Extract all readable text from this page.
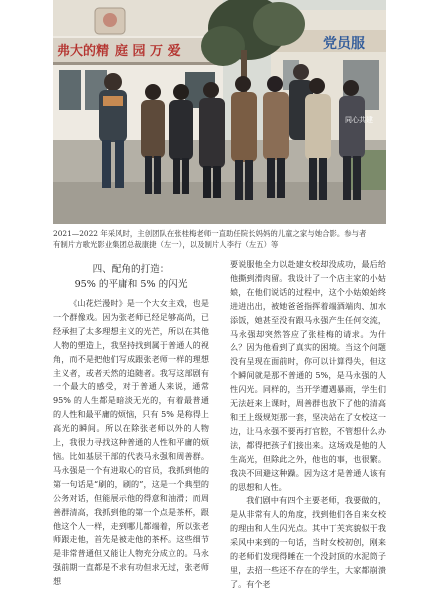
弗大的精 庭 园 万 爱	党员服
同心共建
2021—2022 年采风时，主创团队在张桂梅老师一直助任院长妈妈的儿童之家与她合影。参与者
有制片方歌光影业集团总裁康捷（左一），以及制片人李行（左五）等
四、配角的打造：
95% 的平庸和 5% 的闪光

《山花烂漫时》是一个大女主戏，也是一个群像戏。因为张老师已经足够高尚，已经承担了太多理想主义的光芒，所以在其他人物的塑造上，我坚持找到属于普通人的视角，而不是把他们写成跟张老师一样的理想主义者，或者天然的追随者。我写这部剧有一个最大的感受，对于普通人来说，通常 95% 的人生都是暗淡无光的，有着最普通的人性和最平庸的烦恼，只有 5% 是称得上高光的瞬间。所以在除张老师以外的人物上，我很力寻找这种普通的人性和平庸的烦恼。比如基层干部的代表马永强和周善群。马永强是一个有进取心的官员，我抓到他的第一句话是“刷的，刷的”，这是一个典型的公务对话，但能展示他的得意和油滑；而周善群清高，我抓到他的第一个点是茶杯，跟他这个人一样，走到哪儿都端着，所以张老师跟走他，首先是被走他的茶杯。这些细节是非常普通但又能让人物充分成立的。马永强前期一直都是不求有功但求无过，张老师想

要说服他全力以赴建女校却没成功，最后给他撕到滑肉留。我设计了一个店主家的小姑娘，在他们说话的过程中，这个小姑娘始终进进出出，被她爸爸指挥着端酒端肉、加水添饭，她甚至没有跟马永强产生任何交流，马永强却突然答应了张桂梅的请求。为什么？因为他看到了真实的困境。当这个问题没有呈现在面前时，你可以计算得失，但这个瞬间就是那不普通的 5%，是马永强的人性闪光。同样的，当开学遭遇暴雨，学生们无法赶来上课时，周善群也放下了他的清高和王上级规矩那一套，坚决站在了女校这一边，让马永强不要再打官腔，不管想什么办法，都得把孩子们接出来。这场戏是他的人生高光，但除此之外，他也的事，也很繁。我决不回避这种躁。因为这才是普通人该有的思想和人性。

我们剧中有四个主要老师，我要做的，是从非常有人的角度，找到他们各自来女校的理由和人生闪光点。其中丁芙宾貌似于我采风中来到的一句话，当时女校初创，刚来的老师们发现得睡在一个没封顶的水泥筒子里，去招一些还不存在的学生，大家都崩溃了。有个老
